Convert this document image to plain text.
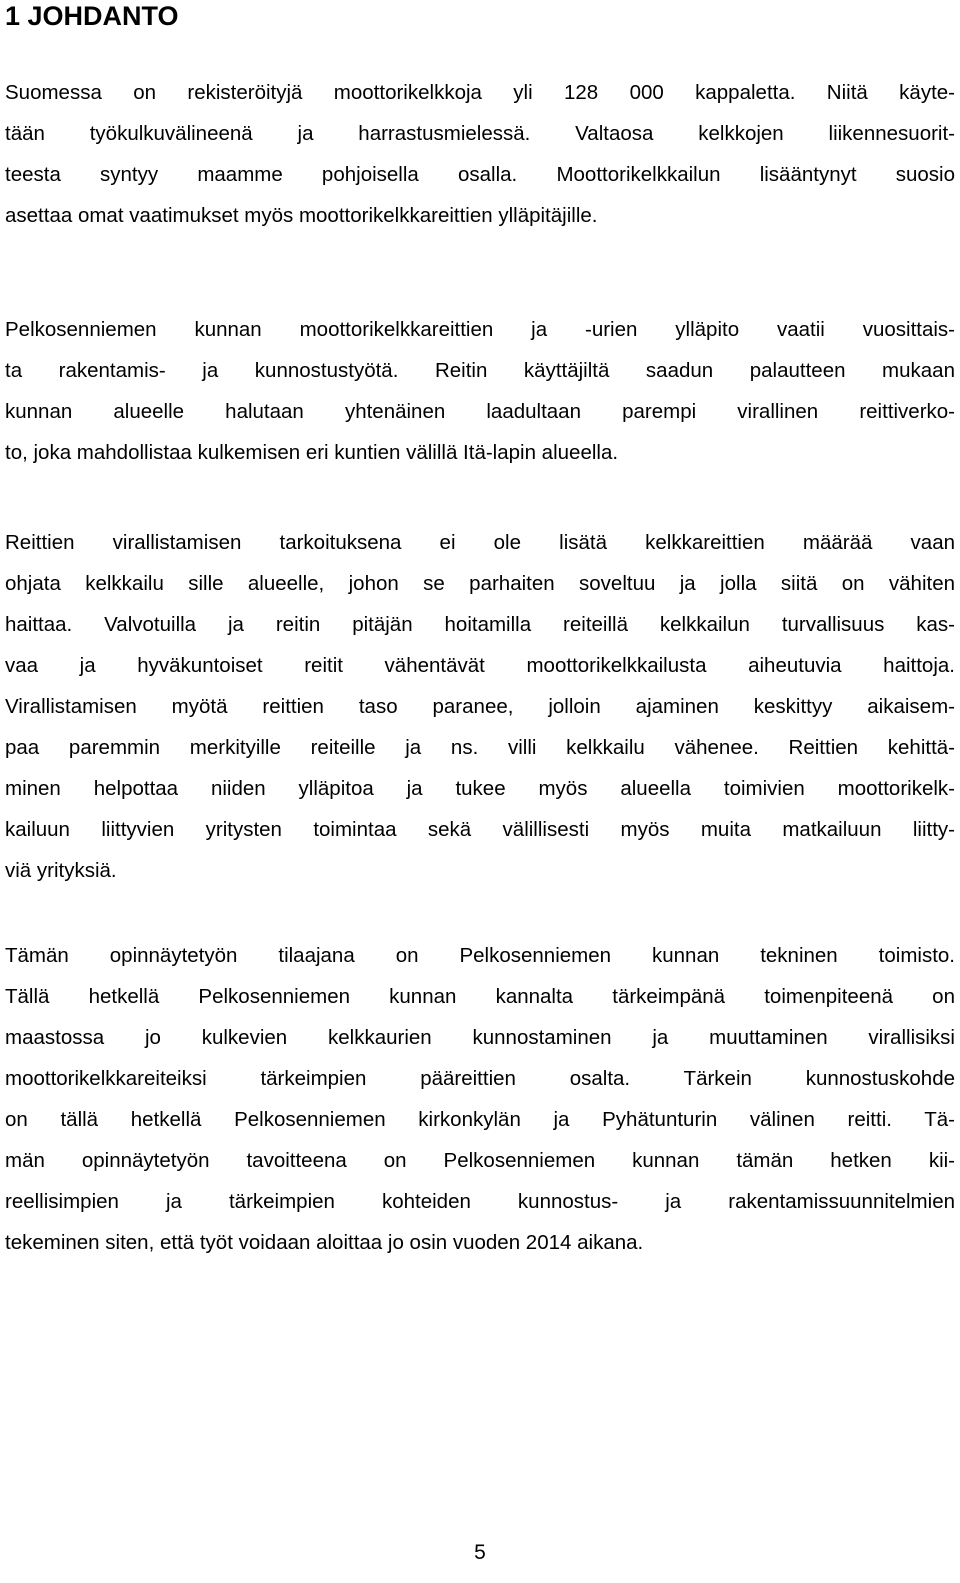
1 JOHDANTO

Suomessa on rekisteröityjä moottorikelkkoja yli 128 000 kappaletta. Niitä käyte-
tään työkulkuvälineenä ja harrastusmielessä. Valtaosa kelkkojen liikennesuorit-
teesta syntyy maamme pohjoisella osalla. Moottorikelkkailun lisääntynyt suosio
asettaa omat vaatimukset myös moottorikelkkareittien ylläpitäjille.

Pelkosenniemen kunnan moottorikelkkareittien ja -urien ylläpito vaatii vuosittais-
ta rakentamis- ja kunnostustyötä. Reitin käyttäjiltä saadun palautteen mukaan
kunnan alueelle halutaan yhtenäinen laadultaan parempi virallinen reittiverko-
to, joka mahdollistaa kulkemisen eri kuntien välillä Itä-lapin alueella.

Reittien virallistamisen tarkoituksena ei ole lisätä kelkkareittien määrää vaan
ohjata kelkkailu sille alueelle, johon se parhaiten soveltuu ja jolla siitä on vähiten
haittaa. Valvotuilla ja reitin pitäjän hoitamilla reiteillä kelkkailun turvallisuus kas-
vaa ja hyväkuntoiset reitit vähentävät moottorikelkkailusta aiheutuvia haittoja.
Virallistamisen myötä reittien taso paranee, jolloin ajaminen keskittyy aikaisem-
paa paremmin merkityille reiteille ja ns. villi kelkkailu vähenee. Reittien kehittä-
minen helpottaa niiden ylläpitoa ja tukee myös alueella toimivien moottorikelk-
kailuun liittyvien yritysten toimintaa sekä välillisesti myös muita matkailuun liitty-
viä yrityksiä.

Tämän opinnäytetyön tilaajana on Pelkosenniemen kunnan tekninen toimisto.
Tällä hetkellä Pelkosenniemen kunnan kannalta tärkeimpänä toimenpiteenä on
maastossa jo kulkevien kelkkaurien kunnostaminen ja muuttaminen virallisiksi
moottorikelkkareiteiksi tärkeimpien pääreittien osalta. Tärkein kunnostuskohde
on tällä hetkellä Pelkosenniemen kirkonkylän ja Pyhätunturin välinen reitti. Tä-
män opinnäytetyön tavoitteena on Pelkosenniemen kunnan tämän hetken kii-
reellisimpien ja tärkeimpien kohteiden kunnostus- ja rakentamissuunnitelmien
tekeminen siten, että työt voidaan aloittaa jo osin vuoden 2014 aikana.

5
